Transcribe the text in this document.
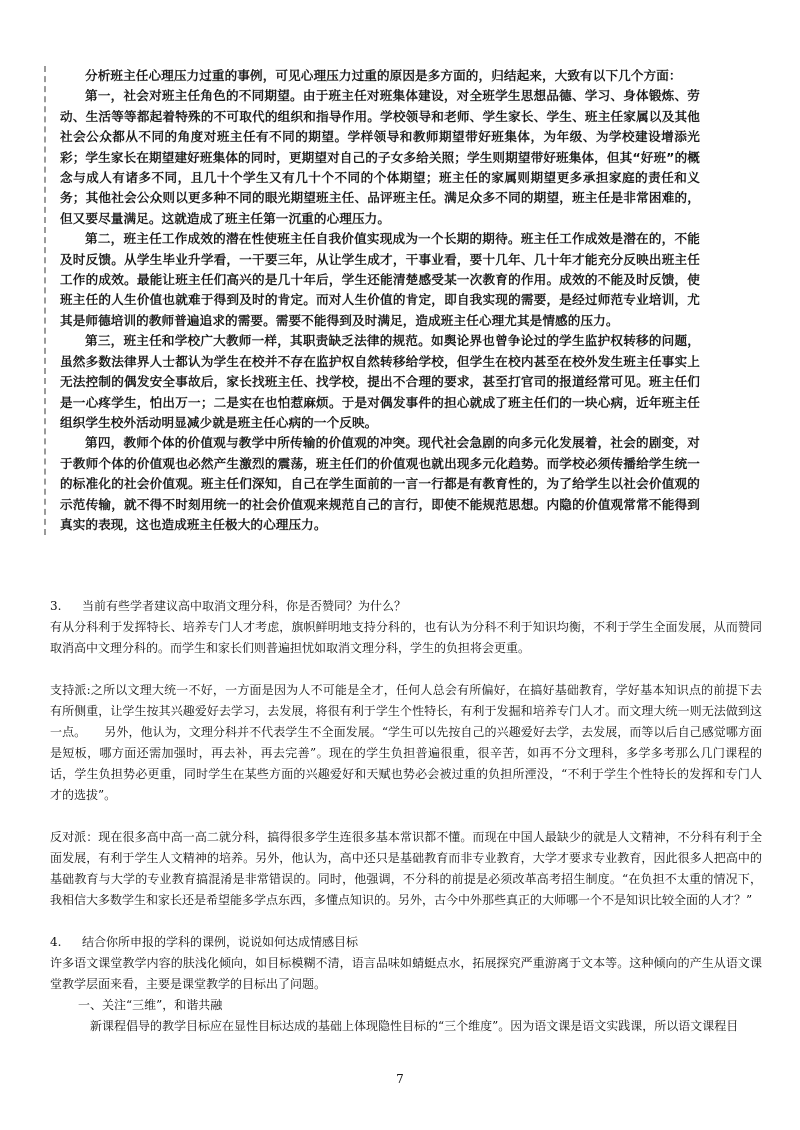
分析班主任心理压力过重的事例，可见心理压力过重的原因是多方面的，归结起来，大致有以下几个方面：

第一，社会对班主任角色的不同期望。由于班主任对班集体建设，对全班学生思想品德、学习、身体锻炼、劳动、生活等等都起着特殊的不可取代的组织和指导作用。学校领导和老师、学生家长、学生、班主任家属以及其他社会公众都从不同的角度对班主任有不同的期望。学样领导和教师期望带好班集体，为年级、为学校建设增添光彩；学生家长在期望建好班集体的同时，更期望对自己的子女多给关照；学生则期望带好班集体，但其“好班”的概念与成人有诸多不同，且几十个学生又有几十个不同的个体期望；班主任的家属则期望更多承担家庭的责任和义务；其他社会公众则以更多种不同的眼光期望班主任、品评班主任。满足众多不同的期望，班主任是非常困难的，但又要尽量满足。这就造成了班主任第一沉重的心理压力。

第二，班主任工作成效的潜在性使班主任自我价值实现成为一个长期的期待。班主任工作成效是潜在的，不能及时反馈。从学生毕业升学看，一干要三年，从让学生成才，干事业看，要十几年、几十年才能充分反映出班主任工作的成效。最能让班主任们高兴的是几十年后，学生还能清楚感受某一次教育的作用。成效的不能及时反馈，使班主任的人生价值也就难于得到及时的肯定。而对人生价值的肯定，即自我实现的需要，是经过师范专业培训，尤其是师德培训的教师普遍追求的需要。需要不能得到及时满足，造成班主任心理尤其是情感的压力。

第三，班主任和学校广大教师一样，其职责缺乏法律的规范。如舆论界也曾争论过的学生监护权转移的问题，虽然多数法律界人士都认为学生在校并不存在监护权自然转移给学校，但学生在校内甚至在校外发生班主任事实上无法控制的偶发安全事故后，家长找班主任、找学校，提出不合理的要求，甚至打官司的报道经常可见。班主任们是一心疼学生，怕出万一；二是实在也怕惹麻烦。于是对偶发事件的担心就成了班主任们的一块心病，近年班主任组织学生校外活动明显减少就是班主任心病的一个反映。

第四，教师个体的价值观与教学中所传输的价值观的冲突。现代社会急剧的向多元化发展着，社会的剧变，对于教师个体的价值观也必然产生激烈的震荡，班主任们的价值观也就出现多元化趋势。而学校必须传播给学生统一的标准化的社会价值观。班主任们深知，自己在学生面前的一言一行都是有教育性的，为了给学生以社会价值观的示范传输，就不得不时刻用统一的社会价值观来规范自己的言行，即使不能规范思想。内隐的价值观常常不能得到真实的表现，这也造成班主任极大的心理压力。

3. 当前有些学者建议高中取消文理分科，你是否赞同？为什么？

有从分科利于发挥特长、培养专门人才考虑，旗帜鲜明地支持分科的，也有认为分科不利于知识均衡，不利于学生全面发展，从而赞同取消高中文理分科的。而学生和家长们则普遍担忧如取消文理分科，学生的负担将会更重。

支持派:之所以文理大统一不好，一方面是因为人不可能是全才，任何人总会有所偏好，在搞好基础教育，学好基本知识点的前提下去有所侧重，让学生按其兴趣爱好去学习，去发展，将很有利于学生个性特长，有利于发掘和培养专门人才。而文理大统一则无法做到这一点。　　另外，他认为，文理分科并不代表学生不全面发展。“学生可以先按自己的兴趣爱好去学，去发展，而等以后自己感觉哪方面是短板，哪方面还需加强时，再去补，再去完善”。现在的学生负担普遍很重，很辛苦，如再不分文理科，多学多考那么几门课程的话，学生负担势必更重，同时学生在某些方面的兴趣爱好和天赋也势必会被过重的负担所湮没，“不利于学生个性特长的发挥和专门人才的选拔”。

反对派：现在很多高中高一高二就分科，搞得很多学生连很多基本常识都不懂。而现在中国人最缺少的就是人文精神，不分科有利于全面发展，有利于学生人文精神的培养。另外，他认为，高中还只是基础教育而非专业教育，大学才要求专业教育，因此很多人把高中的基础教育与大学的专业教育搞混淆是非常错误的。同时，他强调，不分科的前提是必须改革高考招生制度。“在负担不太重的情况下，我相信大多数学生和家长还是希望能多学点东西，多懂点知识的。另外，古今中外那些真正的大师哪一个不是知识比较全面的人才？”

4. 结合你所申报的学科的课例，说说如何达成情感目标

许多语文课堂教学内容的肤浅化倾向，如目标模糊不清，语言品味如蜻蜓点水，拓展探究严重游离于文本等。这种倾向的产生从语文课堂教学层面来看，主要是课堂教学的目标出了问题。

一、关注“三维”，和谐共融

新课程倡导的教学目标应在显性目标达成的基础上体现隐性目标的“三个维度”。因为语文课是语文实践课，所以语文课程目

7
